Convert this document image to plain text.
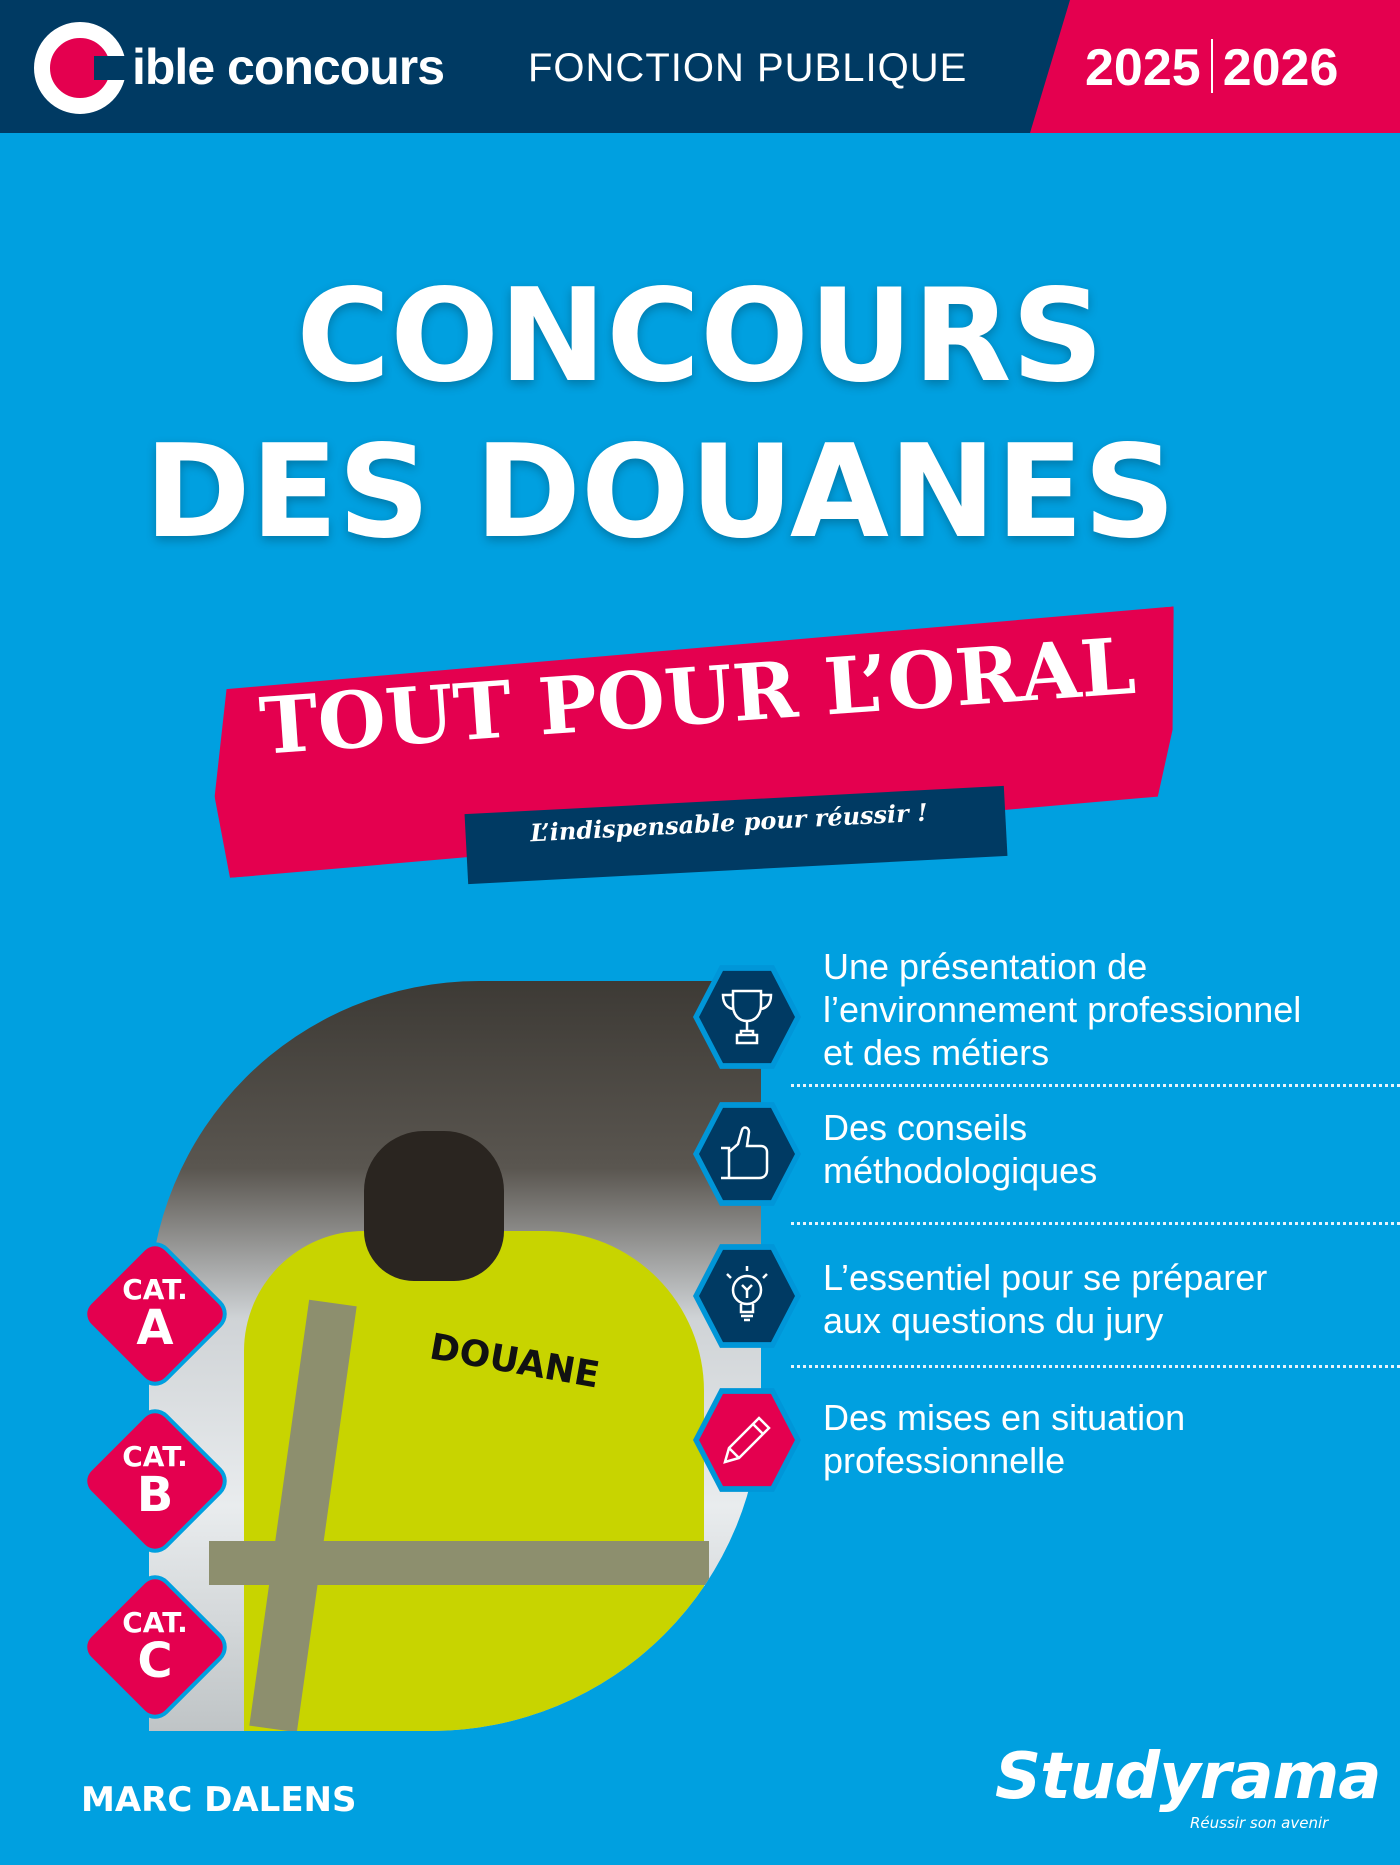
ible concours FONCTION PUBLIQUE 2025 2026
CONCOURS
DES DOUANES
TOUT POUR L’ORAL
L’indispensable pour réussir !
DOUANE
Une présentation de
l’environnement professionnel
et des métiers
Des conseils
méthodologiques
L’essentiel pour se préparer
aux questions du jury
Des mises en situation
professionnelle
CAT.
A
CAT.
B
CAT.
C
MARC DALENS	Studyrama
Réussir son avenir
